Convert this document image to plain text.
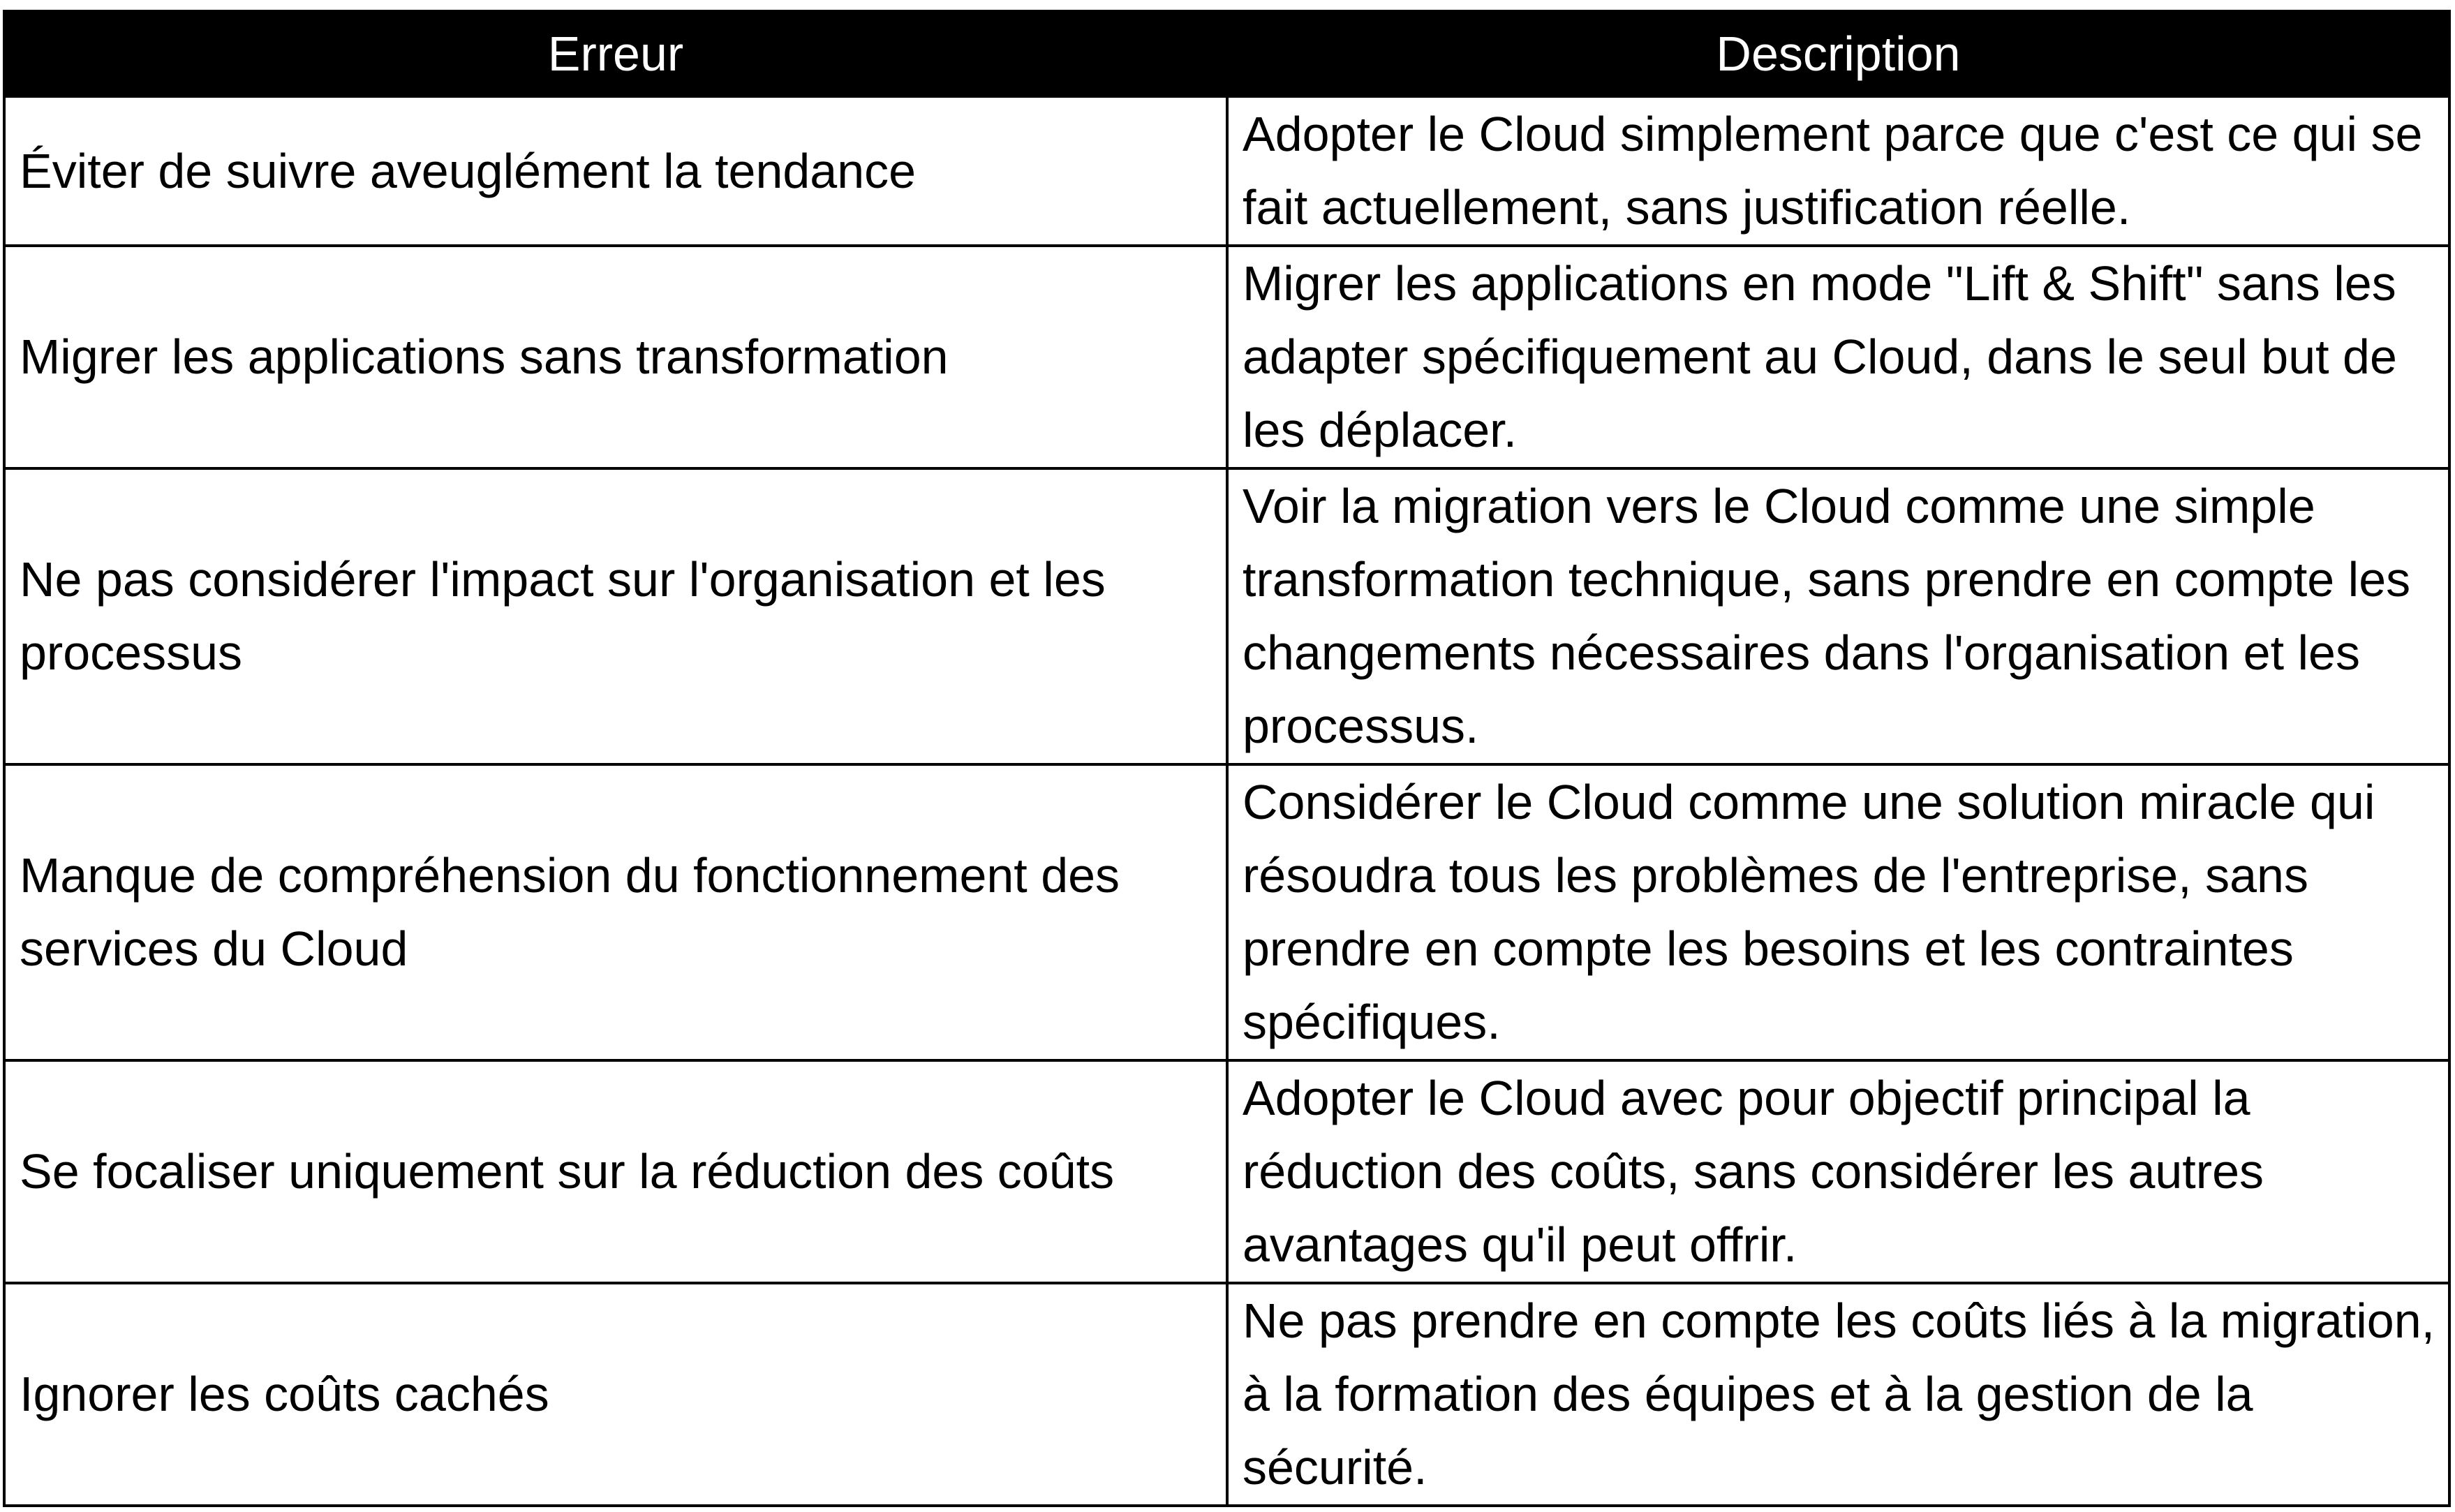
Erreur	Description
Éviter de suivre aveuglément la tendance	Adopter le Cloud simplement parce que c'est ce qui se fait actuellement, sans justification réelle.
Migrer les applications sans transformation	Migrer les applications en mode "Lift & Shift" sans les adapter spécifiquement au Cloud, dans le seul but de les déplacer.
Ne pas considérer l'impact sur l'organisation et les processus	Voir la migration vers le Cloud comme une simple transformation technique, sans prendre en compte les changements nécessaires dans l'organisation et les processus.
Manque de compréhension du fonctionnement des services du Cloud	Considérer le Cloud comme une solution miracle qui résoudra tous les problèmes de l'entreprise, sans prendre en compte les besoins et les contraintes spécifiques.
Se focaliser uniquement sur la réduction des coûts	Adopter le Cloud avec pour objectif principal la réduction des coûts, sans considérer les autres avantages qu'il peut offrir.
Ignorer les coûts cachés	Ne pas prendre en compte les coûts liés à la migration, à la formation des équipes et à la gestion de la sécurité.
